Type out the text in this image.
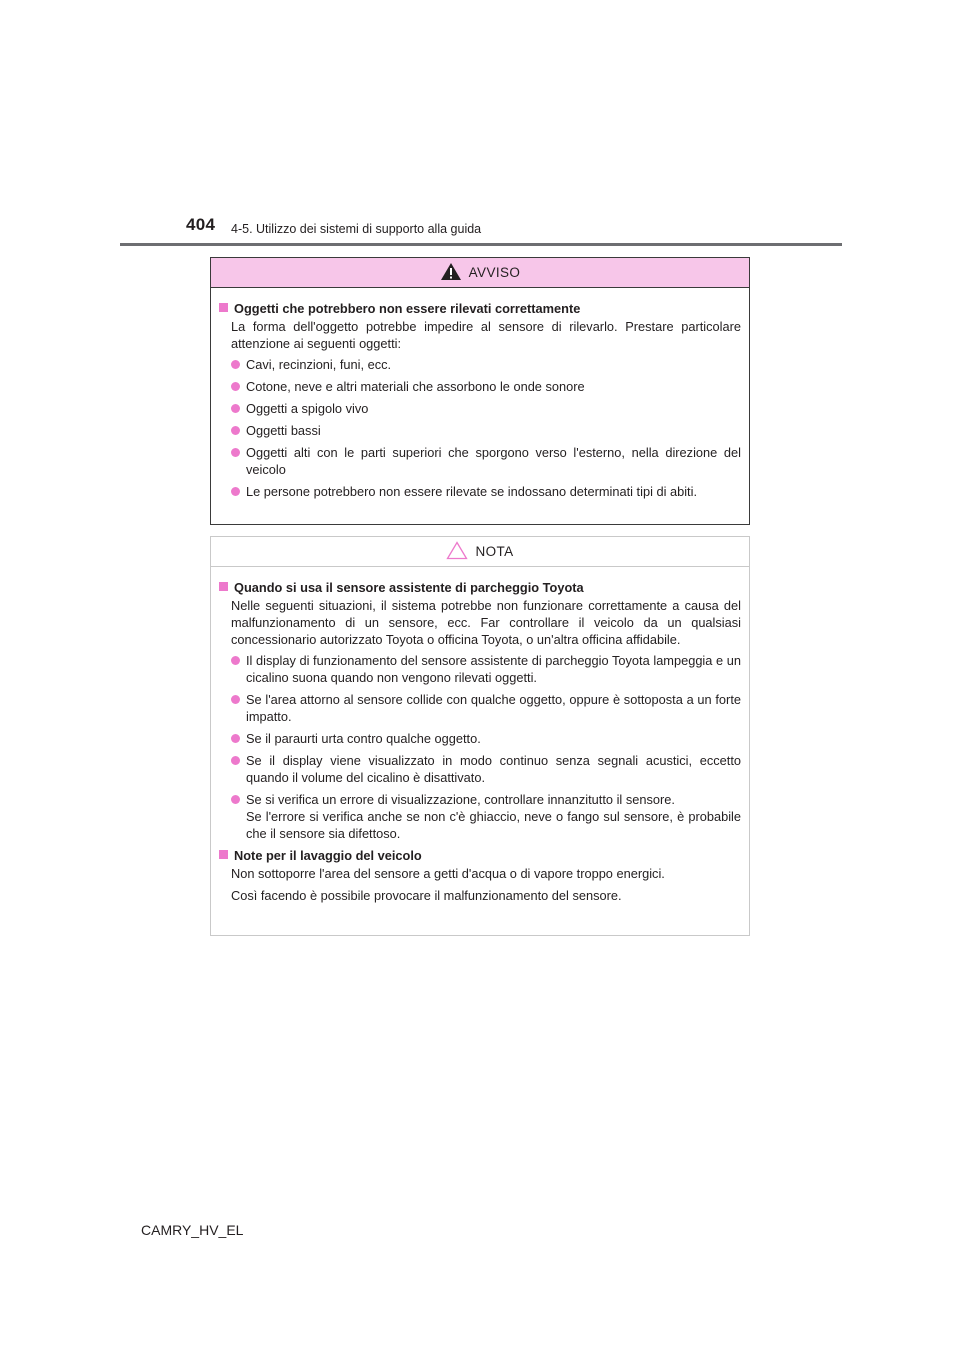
404 4-5. Utilizzo dei sistemi di supporto alla guida
AVVISO
Oggetti che potrebbero non essere rilevati correttamente
La forma dell'oggetto potrebbe impedire al sensore di rilevarlo. Prestare particolare attenzione ai seguenti oggetti:
Cavi, recinzioni, funi, ecc.
Cotone, neve e altri materiali che assorbono le onde sonore
Oggetti a spigolo vivo
Oggetti bassi
Oggetti alti con le parti superiori che sporgono verso l'esterno, nella direzione del veicolo
Le persone potrebbero non essere rilevate se indossano determinati tipi di abiti.
NOTA
Quando si usa il sensore assistente di parcheggio Toyota
Nelle seguenti situazioni, il sistema potrebbe non funzionare correttamente a causa del malfunzionamento di un sensore, ecc. Far controllare il veicolo da un qualsiasi concessionario autorizzato Toyota o officina Toyota, o un'altra officina affidabile.
Il display di funzionamento del sensore assistente di parcheggio Toyota lampeggia e un cicalino suona quando non vengono rilevati oggetti.
Se l'area attorno al sensore collide con qualche oggetto, oppure è sottoposta a un forte impatto.
Se il paraurti urta contro qualche oggetto.
Se il display viene visualizzato in modo continuo senza segnali acustici, eccetto quando il volume del cicalino è disattivato.
Se si verifica un errore di visualizzazione, controllare innanzitutto il sensore.
Se l'errore si verifica anche se non c'è ghiaccio, neve o fango sul sensore, è probabile che il sensore sia difettoso.
Note per il lavaggio del veicolo
Non sottoporre l'area del sensore a getti d'acqua o di vapore troppo energici.
Così facendo è possibile provocare il malfunzionamento del sensore.
CAMRY_HV_EL
